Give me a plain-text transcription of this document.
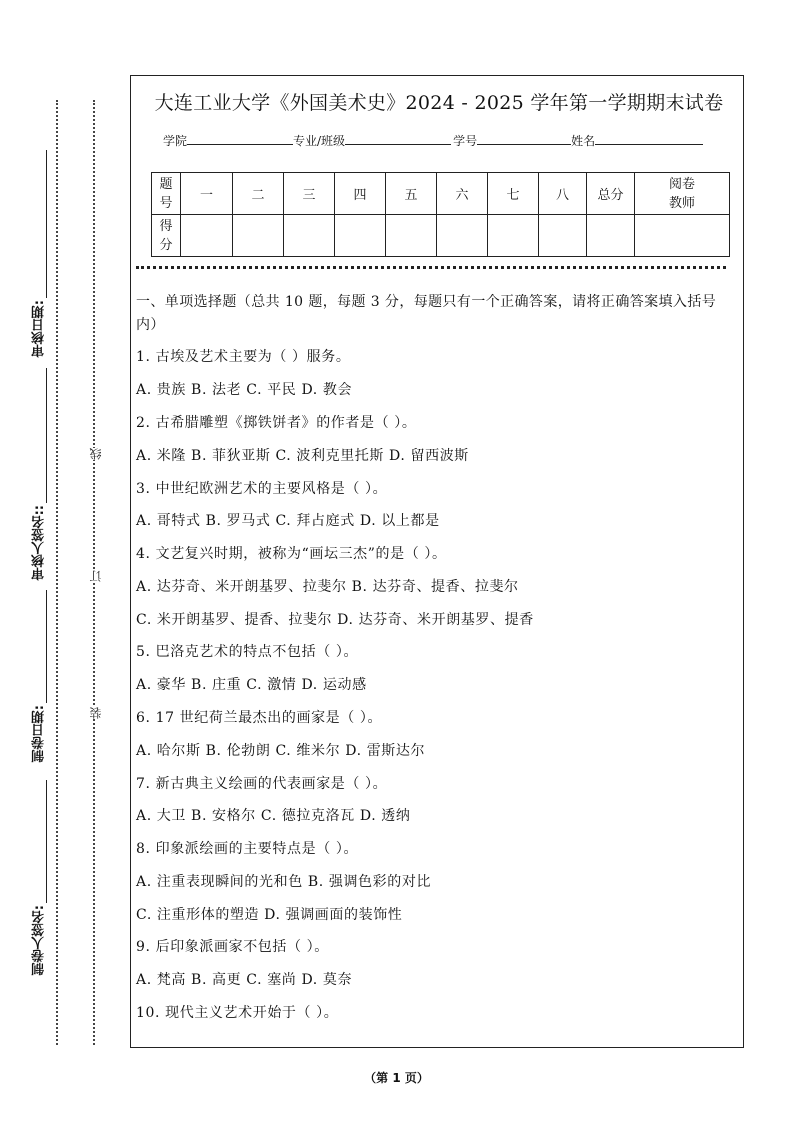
审核日期:
审核人签名::
制卷日期:
制卷人签名:
线
订
装
大连工业大学《外国美术史》2024 - 2025 学年第一学期期末试卷
学院	专业/班级	学号	姓名
题号	一	二	三	四	五	六	七	八	总分	阅卷教师
得分										
一、单项选择题（总共 10 题，每题 3 分，每题只有一个正确答案，请将正确答案填入括号内）
1. 古埃及艺术主要为（ ）服务。
A. 贵族 B. 法老 C. 平民 D. 教会
2. 古希腊雕塑《掷铁饼者》的作者是（ ）。
A. 米隆 B. 菲狄亚斯 C. 波利克里托斯 D. 留西波斯
3. 中世纪欧洲艺术的主要风格是（ ）。
A. 哥特式 B. 罗马式 C. 拜占庭式 D. 以上都是
4. 文艺复兴时期，被称为“画坛三杰”的是（ ）。
A. 达芬奇、米开朗基罗、拉斐尔 B. 达芬奇、提香、拉斐尔
C. 米开朗基罗、提香、拉斐尔 D. 达芬奇、米开朗基罗、提香
5. 巴洛克艺术的特点不包括（ ）。
A. 豪华 B. 庄重 C. 激情 D. 运动感
6. 17 世纪荷兰最杰出的画家是（ ）。
A. 哈尔斯 B. 伦勃朗 C. 维米尔 D. 雷斯达尔
7. 新古典主义绘画的代表画家是（ ）。
A. 大卫 B. 安格尔 C. 德拉克洛瓦 D. 透纳
8. 印象派绘画的主要特点是（ ）。
A. 注重表现瞬间的光和色 B. 强调色彩的对比
C. 注重形体的塑造 D. 强调画面的装饰性
9. 后印象派画家不包括（ ）。
A. 梵高 B. 高更 C. 塞尚 D. 莫奈
10. 现代主义艺术开始于（ ）。
（第 1 页）
